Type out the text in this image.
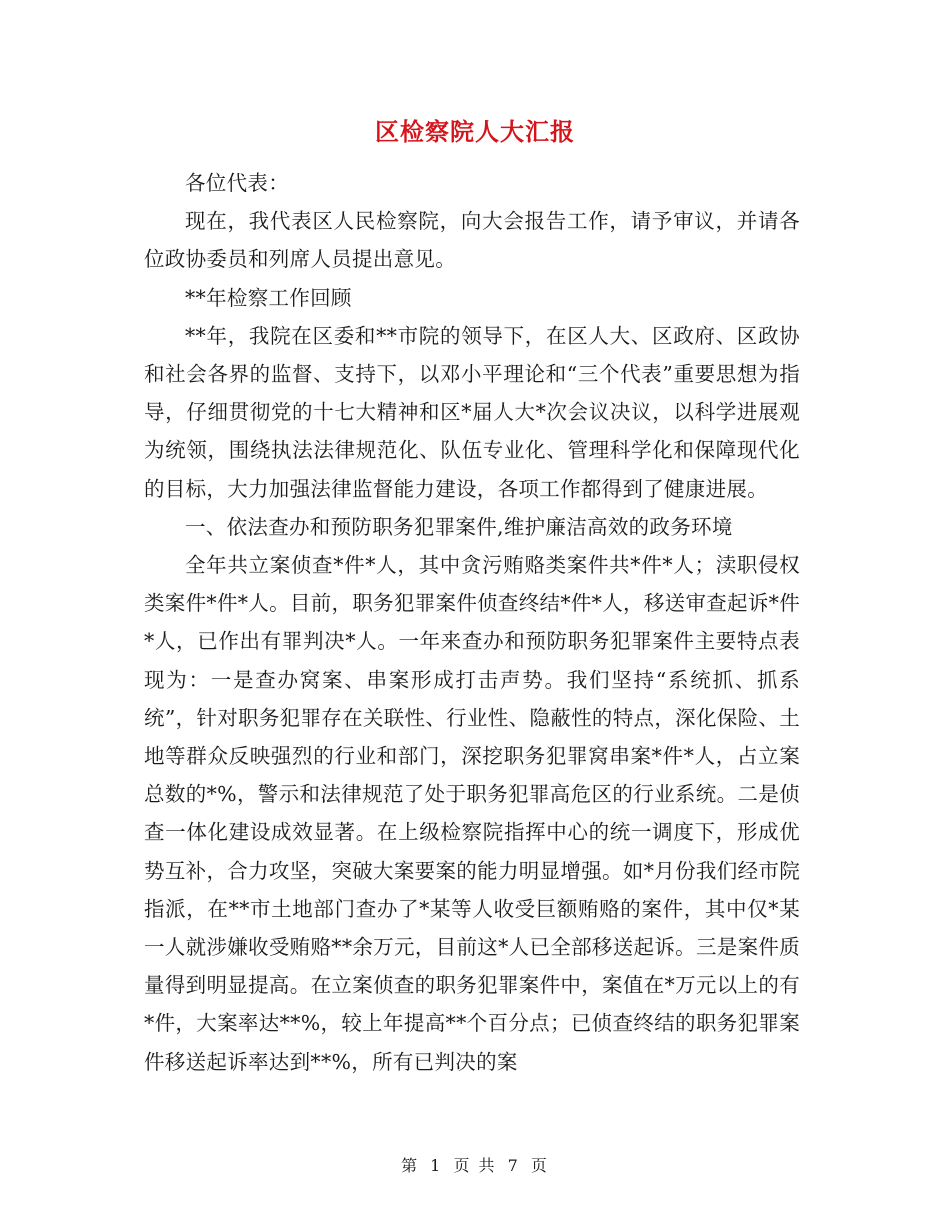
区检察院人大汇报

各位代表：

现在，我代表区人民检察院，向大会报告工作，请予审议，并请各位政协委员和列席人员提出意见。

**年检察工作回顾

**年，我院在区委和**市院的领导下，在区人大、区政府、区政协和社会各界的监督、支持下，以邓小平理论和“三个代表”重要思想为指导，仔细贯彻党的十七大精神和区*届人大*次会议决议，以科学进展观为统领，围绕执法法律规范化、队伍专业化、管理科学化和保障现代化的目标，大力加强法律监督能力建设，各项工作都得到了健康进展。

一、依法查办和预防职务犯罪案件,维护廉洁高效的政务环境

全年共立案侦查*件*人，其中贪污贿赂类案件共*件*人；渎职侵权类案件*件*人。目前，职务犯罪案件侦查终结*件*人，移送审查起诉*件*人，已作出有罪判决*人。一年来查办和预防职务犯罪案件主要特点表现为：一是查办窝案、串案形成打击声势。我们坚持“系统抓、抓系统”，针对职务犯罪存在关联性、行业性、隐蔽性的特点，深化保险、土地等群众反映强烈的行业和部门，深挖职务犯罪窝串案*件*人，占立案总数的*%，警示和法律规范了处于职务犯罪高危区的行业系统。二是侦查一体化建设成效显著。在上级检察院指挥中心的统一调度下，形成优势互补，合力攻坚，突破大案要案的能力明显增强。如*月份我们经市院指派，在**市土地部门查办了*某等人收受巨额贿赂的案件，其中仅*某一人就涉嫌收受贿赂**余万元，目前这*人已全部移送起诉。三是案件质量得到明显提高。在立案侦查的职务犯罪案件中，案值在*万元以上的有*件，大案率达**%，较上年提高**个百分点；已侦查终结的职务犯罪案件移送起诉率达到**%，所有已判决的案

第 1 页 共 7 页
